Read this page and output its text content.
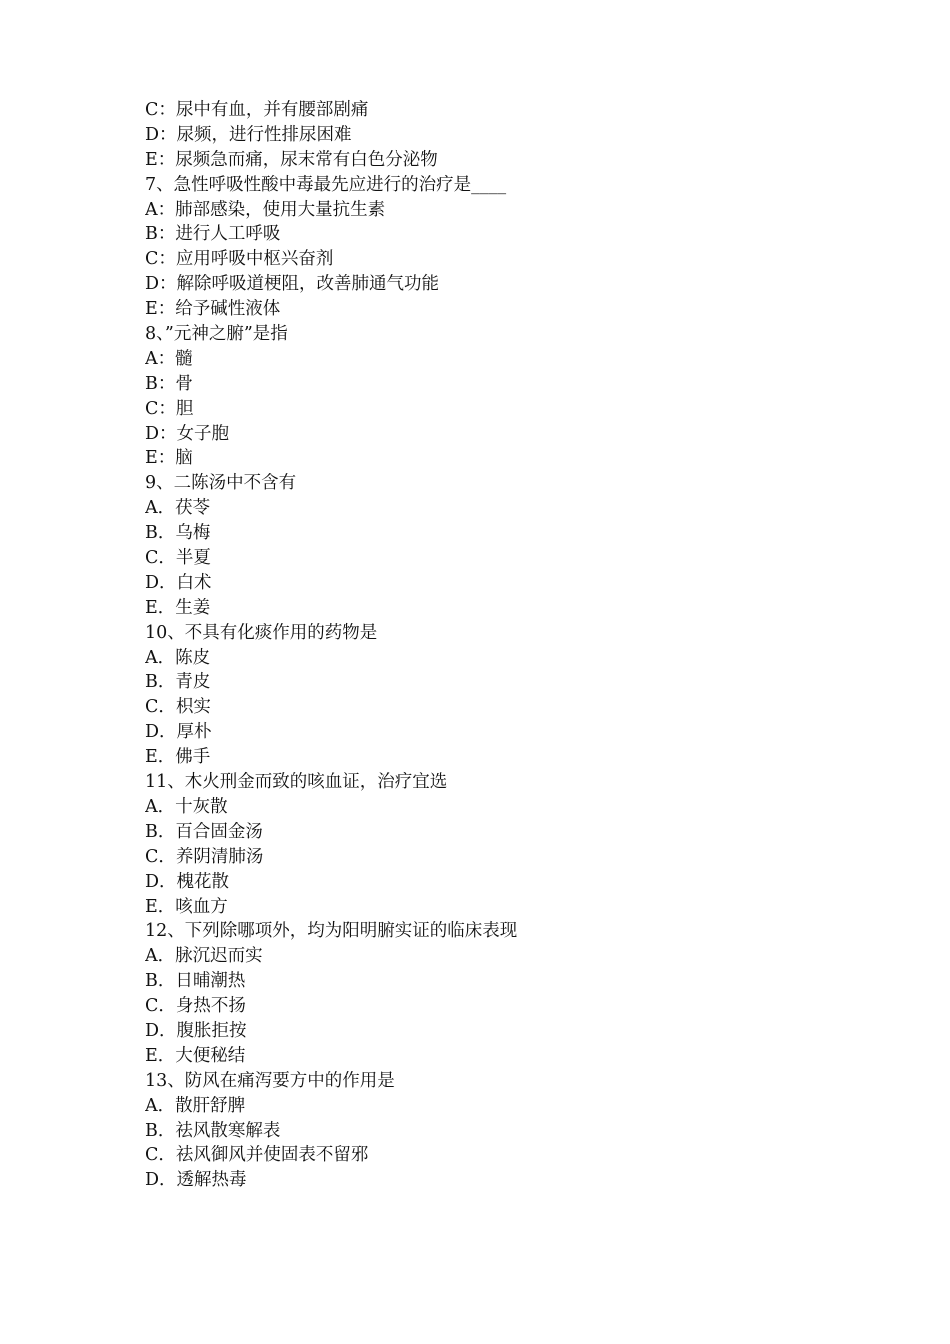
C：尿中有血，并有腰部剧痛
D：尿频，进行性排尿困难
E：尿频急而痛，尿末常有白色分泌物
7、急性呼吸性酸中毒最先应进行的治疗是____
A：肺部感染，使用大量抗生素
B：进行人工呼吸
C：应用呼吸中枢兴奋剂
D：解除呼吸道梗阻，改善肺通气功能
E：给予碱性液体
8、”元神之腑”是指
A：髓
B：骨
C：胆
D：女子胞
E：脑
9、二陈汤中不含有
A．茯苓
B．乌梅
C．半夏
D．白术
E．生姜
10、不具有化痰作用的药物是
A．陈皮
B．青皮
C．枳实
D．厚朴
E．佛手
11、木火刑金而致的咳血证，治疗宜选
A．十灰散
B．百合固金汤
C．养阴清肺汤
D．槐花散
E．咳血方
12、下列除哪项外，均为阳明腑实证的临床表现
A．脉沉迟而实
B．日晡潮热
C．身热不扬
D．腹胀拒按
E．大便秘结
13、防风在痛泻要方中的作用是
A．散肝舒脾
B．祛风散寒解表
C．祛风御风并使固表不留邪
D．透解热毒
